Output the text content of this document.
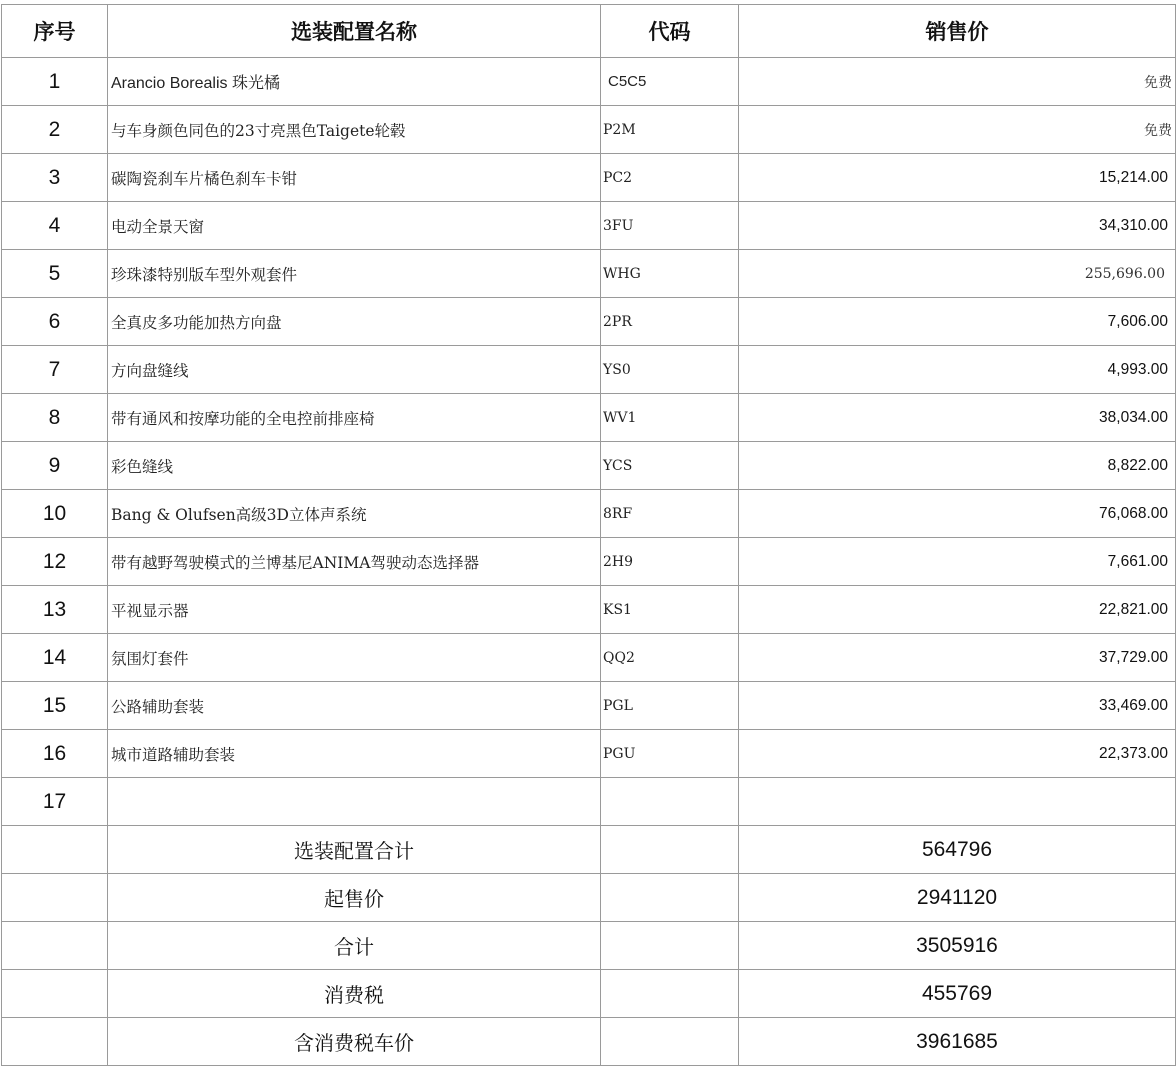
序号	选装配置名称	代码	销售价
1	Arancio Borealis 珠光橘	C5C5	免费
2	与车身颜色同色的23寸亮黑色Taigete轮毂	P2M	免费
3	碳陶瓷刹车片橘色刹车卡钳	PC2	15,214.00
4	电动全景天窗	3FU	34,310.00
5	珍珠漆特别版车型外观套件	WHG	255,696.00
6	全真皮多功能加热方向盘	2PR	7,606.00
7	方向盘缝线	YS0	4,993.00
8	带有通风和按摩功能的全电控前排座椅	WV1	38,034.00
9	彩色缝线	YCS	8,822.00
10	Bang & Olufsen高级3D立体声系统	8RF	76,068.00
12	带有越野驾驶模式的兰博基尼ANIMA驾驶动态选择器	2H9	7,661.00
13	平视显示器	KS1	22,821.00
14	氛围灯套件	QQ2	37,729.00
15	公路辅助套装	PGL	33,469.00
16	城市道路辅助套装	PGU	22,373.00
17			
	选装配置合计		564796
	起售价		2941120
	合计		3505916
	消费税		455769
	含消费税车价		3961685
